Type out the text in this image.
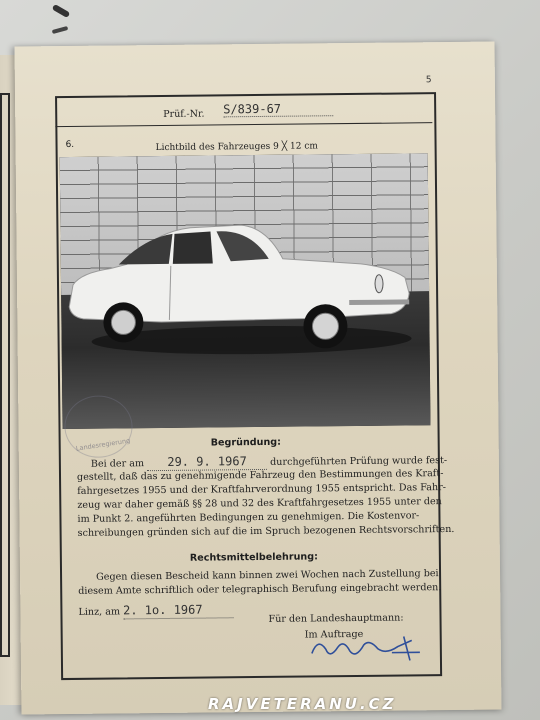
5
Prüf.-Nr.	S/839-67
6.	Lichtbild des Fahrzeuges 9 ╳ 12 cm
Landesregierung	Begründung:
Bei der am 29. 9. 1967 durchgeführten Prüfung wurde fest-
gestellt, daß das zu genehmigende Fahrzeug den Bestimmungen des Kraft-
fahrgesetzes 1955 und der Kraftfahrverordnung 1955 entspricht. Das Fahr-
zeug war daher gemäß §§ 28 und 32 des Kraftfahrgesetzes 1955 unter den
im Punkt 2. angeführten Bedingungen zu genehmigen. Die Kostenvor-
schreibungen gründen sich auf die im Spruch bezogenen Rechtsvorschriften.
Rechtsmittelbelehrung:
Gegen diesen Bescheid kann binnen zwei Wochen nach Zustellung bei
diesem Amte schriftlich oder telegraphisch Berufung eingebracht werden.
Linz, am 2. 1o. 1967
Für den Landeshauptmann:
Im Auftrage
RAJVETERANU.CZ
